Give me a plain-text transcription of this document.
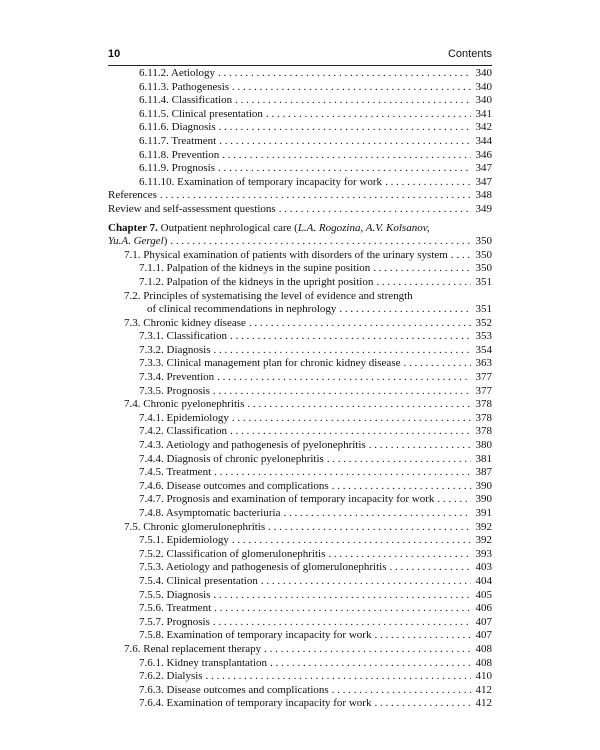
10	Contents
6.11.2. Aetiology . . .	340
6.11.3. Pathogenesis . . .	340
6.11.4. Classification . . .	340
6.11.5. Clinical presentation . . .	341
6.11.6. Diagnosis . . .	342
6.11.7. Treatment . . .	344
6.11.8. Prevention . . .	346
6.11.9. Prognosis . . .	347
6.11.10. Examination of temporary incapacity for work . . .	347
References . . .	348
Review and self-assessment questions . . .	349
Chapter 7. Outpatient nephrological care (L.A. Rogozina, A.V. Kolsanov,
Yu.A. Gergel) . . .	350
7.1. Physical examination of patients with disorders of the urinary system . . .	350
7.1.1. Palpation of the kidneys in the supine position . . .	350
7.1.2. Palpation of the kidneys in the upright position . . .	351
7.2. Principles of systematising the level of evidence and strength
of clinical recommendations in nephrology . . .	351
7.3. Chronic kidney disease . . .	352
7.3.1. Classification . . .	353
7.3.2. Diagnosis . . .	354
7.3.3. Clinical management plan for chronic kidney disease . . .	363
7.3.4. Prevention . . .	377
7.3.5. Prognosis . . .	377
7.4. Chronic pyelonephritis . . .	378
7.4.1. Epidemiology . . .	378
7.4.2. Classification . . .	378
7.4.3. Aetiology and pathogenesis of pyelonephritis . . .	380
7.4.4. Diagnosis of chronic pyelonephritis . . .	381
7.4.5. Treatment . . .	387
7.4.6. Disease outcomes and complications . . .	390
7.4.7. Prognosis and examination of temporary incapacity for work . . .	390
7.4.8. Asymptomatic bacteriuria . . .	391
7.5. Chronic glomerulonephritis . . .	392
7.5.1. Epidemiology . . .	392
7.5.2. Classification of glomerulonephritis . . .	393
7.5.3. Aetiology and pathogenesis of glomerulonephritis . . .	403
7.5.4. Clinical presentation . . .	404
7.5.5. Diagnosis . . .	405
7.5.6. Treatment . . .	406
7.5.7. Prognosis . . .	407
7.5.8. Examination of temporary incapacity for work . . .	407
7.6. Renal replacement therapy . . .	408
7.6.1. Kidney transplantation . . .	408
7.6.2. Dialysis . . .	410
7.6.3. Disease outcomes and complications . . .	412
7.6.4. Examination of temporary incapacity for work . . .	412
